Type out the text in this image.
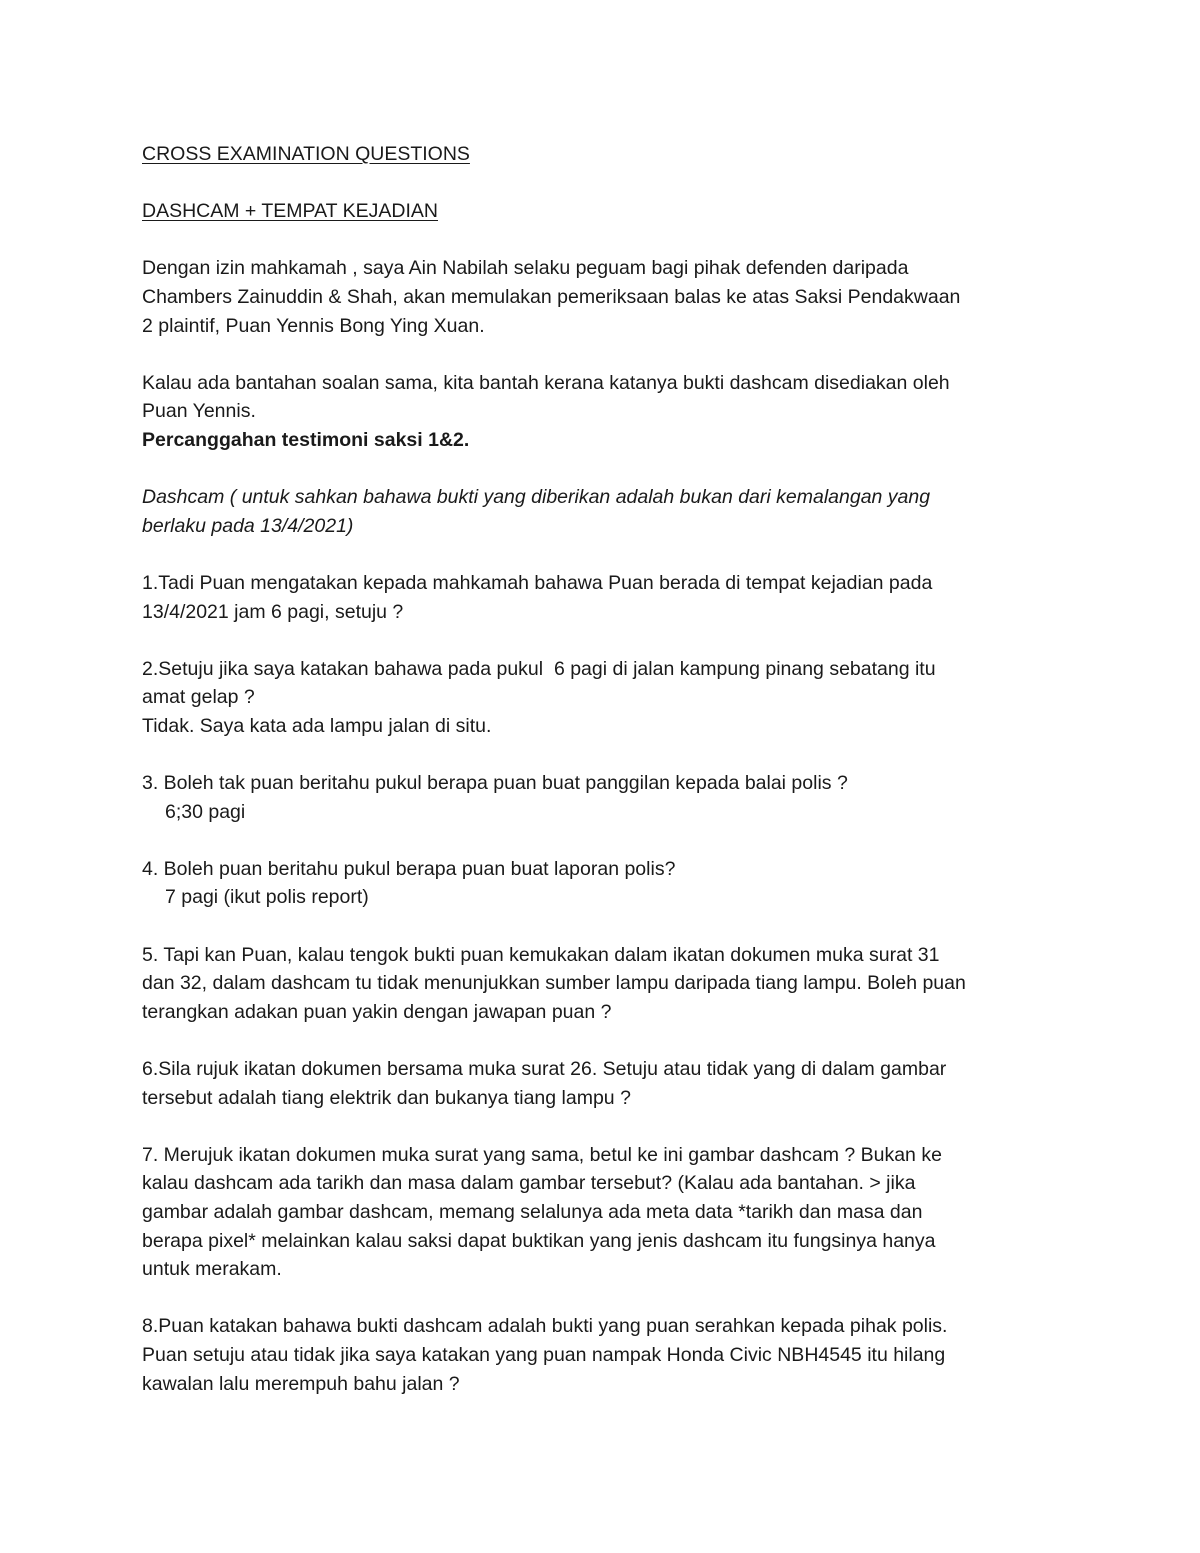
CROSS EXAMINATION QUESTIONS
DASHCAM + TEMPAT KEJADIAN
Dengan izin mahkamah , saya Ain Nabilah selaku peguam bagi pihak defenden daripada
Chambers Zainuddin & Shah, akan memulakan pemeriksaan balas ke atas Saksi Pendakwaan
2 plaintif, Puan Yennis Bong Ying Xuan.
Kalau ada bantahan soalan sama, kita bantah kerana katanya bukti dashcam disediakan oleh
Puan Yennis.
Percanggahan testimoni saksi 1&2.
Dashcam ( untuk sahkan bahawa bukti yang diberikan adalah bukan dari kemalangan yang
berlaku pada 13/4/2021)
1.Tadi Puan mengatakan kepada mahkamah bahawa Puan berada di tempat kejadian pada
13/4/2021 jam 6 pagi, setuju ?
2.Setuju jika saya katakan bahawa pada pukul  6 pagi di jalan kampung pinang sebatang itu
amat gelap ?
Tidak. Saya kata ada lampu jalan di situ.
3. Boleh tak puan beritahu pukul berapa puan buat panggilan kepada balai polis ?
6;30 pagi
4. Boleh puan beritahu pukul berapa puan buat laporan polis?
7 pagi (ikut polis report)
5. Tapi kan Puan, kalau tengok bukti puan kemukakan dalam ikatan dokumen muka surat 31
dan 32, dalam dashcam tu tidak menunjukkan sumber lampu daripada tiang lampu. Boleh puan
terangkan adakan puan yakin dengan jawapan puan ?
6.Sila rujuk ikatan dokumen bersama muka surat 26. Setuju atau tidak yang di dalam gambar
tersebut adalah tiang elektrik dan bukanya tiang lampu ?
7. Merujuk ikatan dokumen muka surat yang sama, betul ke ini gambar dashcam ? Bukan ke
kalau dashcam ada tarikh dan masa dalam gambar tersebut? (Kalau ada bantahan. > jika
gambar adalah gambar dashcam, memang selalunya ada meta data *tarikh dan masa dan
berapa pixel* melainkan kalau saksi dapat buktikan yang jenis dashcam itu fungsinya hanya
untuk merakam.
8.Puan katakan bahawa bukti dashcam adalah bukti yang puan serahkan kepada pihak polis.
Puan setuju atau tidak jika saya katakan yang puan nampak Honda Civic NBH4545 itu hilang
kawalan lalu merempuh bahu jalan ?
